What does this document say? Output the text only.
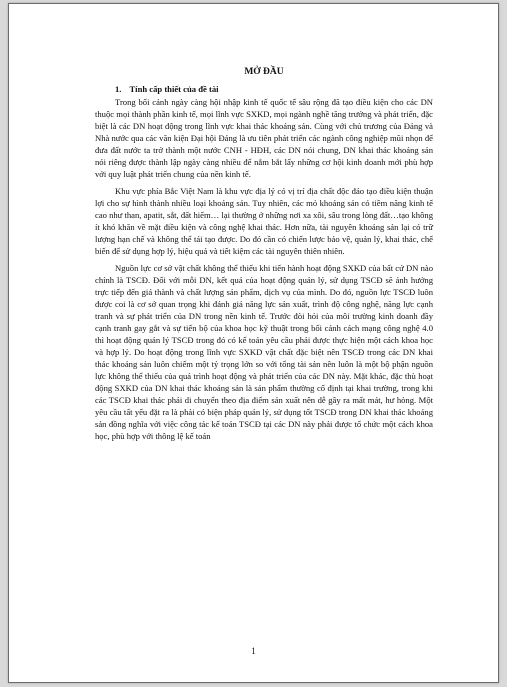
MỞ ĐẦU
1. Tính cấp thiết của đề tài

Trong bối cảnh ngày càng hội nhập kinh tế quốc tế sâu rộng đã tạo điều kiện cho các DN thuộc mọi thành phần kinh tế, mọi lĩnh vực SXKD, mọi ngành nghề tăng trưởng và phát triển, đặc biệt là các DN hoạt động trong lĩnh vực khai thác khoáng sản. Cùng với chủ trương của Đảng và Nhà nước qua các văn kiện Đại hội Đảng là ưu tiên phát triển các ngành công nghiệp mũi nhọn để đưa đất nước ta trở thành một nước CNH - HĐH, các DN nói chung, DN khai thác khoáng sản nói riêng được thành lập ngày càng nhiều để nắm bắt lấy những cơ hội kinh doanh mới phù hợp với quy luật phát triển chung của nền kinh tế.

Khu vực phía Bắc Việt Nam là khu vực địa lý có vị trí địa chất độc đáo tạo điều kiện thuận lợi cho sự hình thành nhiều loại khoáng sản. Tuy nhiên, các mỏ khoáng sản có tiềm năng kinh tế cao như than, apatit, sắt, đất hiếm… lại thường ở những nơi xa xôi, sâu trong lòng đất…tạo không ít khó khăn về mặt điều kiện và công nghệ khai thác. Hơn nữa, tài nguyên khoáng sản lại có trữ lượng hạn chế và không thể tái tạo được. Do đó cần có chiến lược bảo vệ, quản lý, khai thác, chế biến để sử dụng hợp lý, hiệu quả và tiết kiệm các tài nguyên thiên nhiên.

Nguồn lực cơ sở vật chất không thể thiếu khi tiến hành hoạt động SXKD của bất cứ DN nào chính là TSCĐ. Đối với mỗi DN, kết quả của hoạt động quản lý, sử dụng TSCĐ sẽ ảnh hưởng trực tiếp đến giá thành và chất lượng sản phẩm, dịch vụ của mình. Do đó, nguồn lực TSCĐ luôn được coi là cơ sở quan trọng khi đánh giá năng lực sản xuất, trình độ công nghệ, năng lực cạnh tranh và sự phát triển của DN trong nền kinh tế. Trước đòi hỏi của môi trường kinh doanh đầy cạnh tranh gay gắt và sự tiến bộ của khoa học kỹ thuật trong bối cảnh cách mạng công nghệ 4.0 thì hoạt động quản lý TSCĐ trong đó có kế toán yêu cầu phải được thực hiện một cách khoa học và hợp lý. Do hoạt động trong lĩnh vực SXKD vật chất đặc biệt nên TSCĐ trong các DN khai thác khoáng sản luôn chiếm một tỷ trọng lớn so với tổng tài sản nên luôn là một bộ phận nguồn lực không thể thiếu của quá trình hoạt động và phát triển của các DN này. Mặt khác, đặc thù hoạt động SXKD của DN khai thác khoáng sản là sản phẩm thường cố định tại khai trường, trong khi các TSCĐ khai thác phải di chuyển theo địa điểm sản xuất nên dễ gây ra mất mát, hư hỏng. Một yêu cầu tất yếu đặt ra là phải có biện pháp quản lý, sử dụng tốt TSCĐ trong DN khai thác khoáng sản đồng nghĩa với việc công tác kế toán TSCĐ tại các DN này phải được tổ chức một cách khoa học, phù hợp với thông lệ kế toán

1
